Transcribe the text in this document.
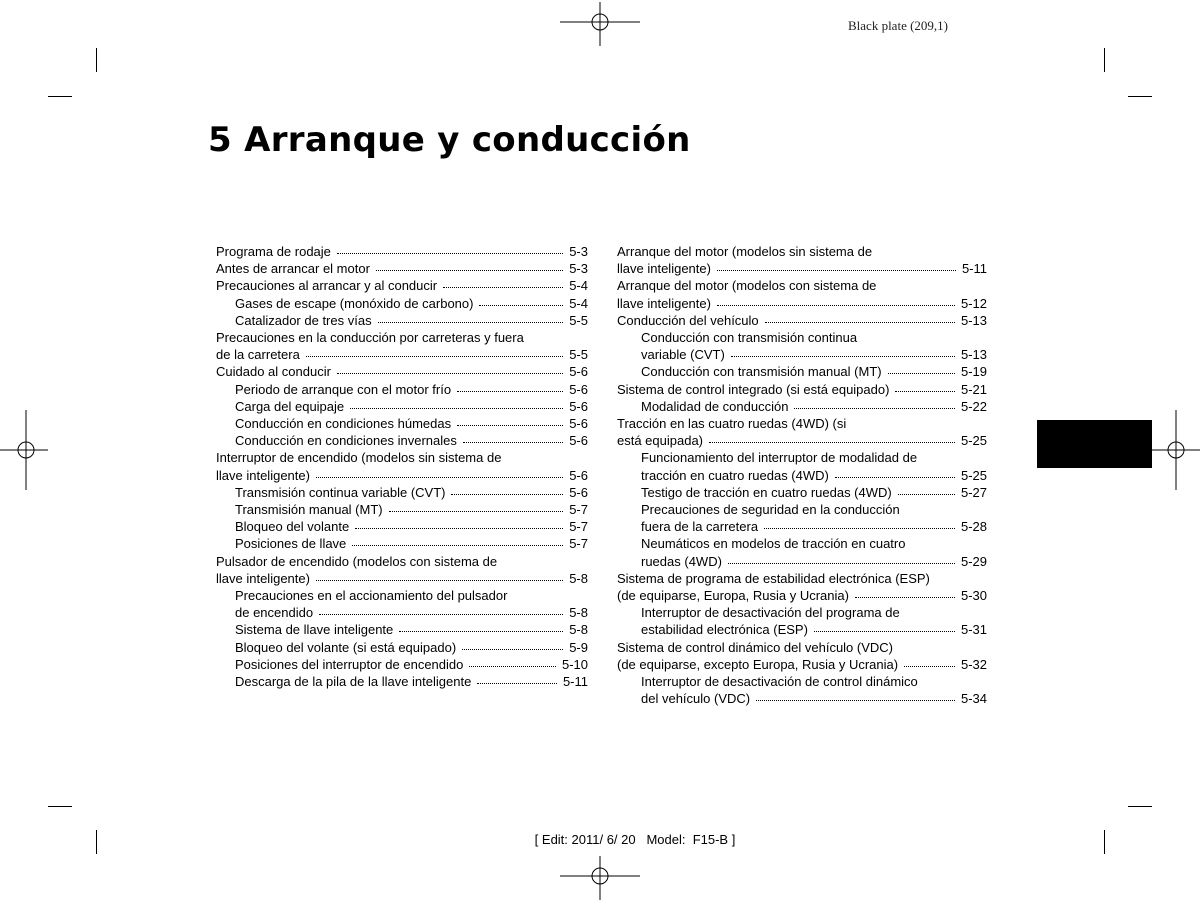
Black plate (209,1)
5 Arranque y conducción
Programa de rodaje	5-3
Antes de arrancar el motor	5-3
Precauciones al arrancar y al conducir	5-4
Gases de escape (monóxido de carbono)	5-4
Catalizador de tres vías	5-5
Precauciones en la conducción por carreteras y fuera
de la carretera	5-5
Cuidado al conducir	5-6
Periodo de arranque con el motor frío	5-6
Carga del equipaje	5-6
Conducción en condiciones húmedas	5-6
Conducción en condiciones invernales	5-6
Interruptor de encendido (modelos sin sistema de
llave inteligente)	5-6
Transmisión continua variable (CVT)	5-6
Transmisión manual (MT)	5-7
Bloqueo del volante	5-7
Posiciones de llave	5-7
Pulsador de encendido (modelos con sistema de
llave inteligente)	5-8
Precauciones en el accionamiento del pulsador
de encendido	5-8
Sistema de llave inteligente	5-8
Bloqueo del volante (si está equipado)	5-9
Posiciones del interruptor de encendido	5-10
Descarga de la pila de la llave inteligente	5-11
Arranque del motor (modelos sin sistema de
llave inteligente)	5-11
Arranque del motor (modelos con sistema de
llave inteligente)	5-12
Conducción del vehículo	5-13
Conducción con transmisión continua
variable (CVT)	5-13
Conducción con transmisión manual (MT)	5-19
Sistema de control integrado (si está equipado)	5-21
Modalidad de conducción	5-22
Tracción en las cuatro ruedas (4WD) (si
está equipada)	5-25
Funcionamiento del interruptor de modalidad de
tracción en cuatro ruedas (4WD)	5-25
Testigo de tracción en cuatro ruedas (4WD)	5-27
Precauciones de seguridad en la conducción
fuera de la carretera	5-28
Neumáticos en modelos de tracción en cuatro
ruedas (4WD)	5-29
Sistema de programa de estabilidad electrónica (ESP)
(de equiparse, Europa, Rusia y Ucrania)	5-30
Interruptor de desactivación del programa de
estabilidad electrónica (ESP)	5-31
Sistema de control dinámico del vehículo (VDC)
(de equiparse, excepto Europa, Rusia y Ucrania)	5-32
Interruptor de desactivación de control dinámico
del vehículo (VDC)	5-34
[ Edit: 2011/ 6/ 20   Model:  F15-B ]
